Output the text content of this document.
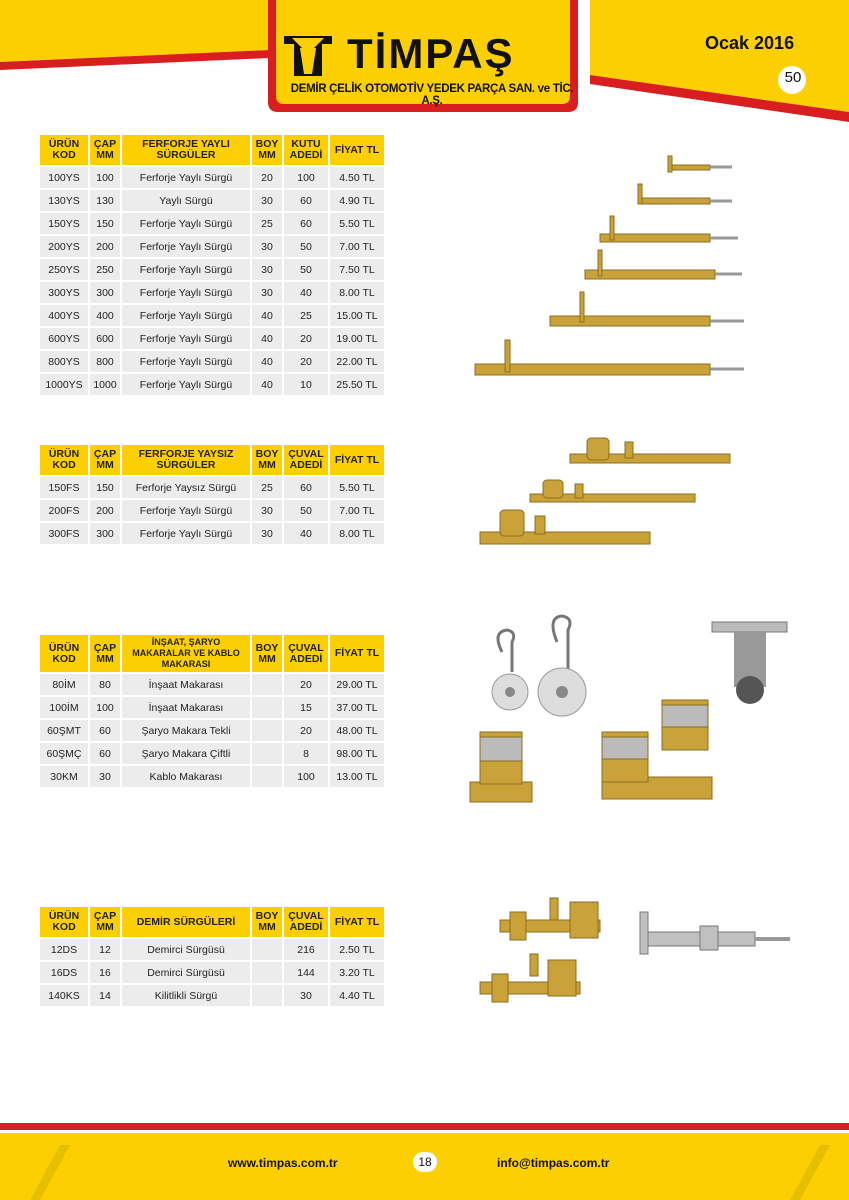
TİMPAŞ
DEMİR ÇELİK OTOMOTİV YEDEK PARÇA SAN. ve TİC. A.Ş.
Ocak 2016
50
ÜRÜN KOD	ÇAP MM	FERFORJE YAYLI SÜRGÜLER	BOY MM	KUTU ADEDİ	FİYAT TL
100YS	100	Ferforje Yaylı Sürgü	20	100	4.50 TL
130YS	130	Yaylı Sürgü	30	60	4.90 TL
150YS	150	Ferforje Yaylı Sürgü	25	60	5.50 TL
200YS	200	Ferforje Yaylı Sürgü	30	50	7.00 TL
250YS	250	Ferforje Yaylı Sürgü	30	50	7.50 TL
300YS	300	Ferforje Yaylı Sürgü	30	40	8.00 TL
400YS	400	Ferforje Yaylı Sürgü	40	25	15.00 TL
600YS	600	Ferforje Yaylı Sürgü	40	20	19.00 TL
800YS	800	Ferforje Yaylı Sürgü	40	20	22.00 TL
1000YS	1000	Ferforje Yaylı Sürgü	40	10	25.50 TL
ÜRÜN KOD	ÇAP MM	FERFORJE YAYSIZ SÜRGÜLER	BOY MM	ÇUVAL ADEDİ	FİYAT TL
150FS	150	Ferforje Yaysız Sürgü	25	60	5.50 TL
200FS	200	Ferforje Yaylı Sürgü	30	50	7.00 TL
300FS	300	Ferforje Yaylı Sürgü	30	40	8.00 TL
ÜRÜN KOD	ÇAP MM	İNŞAAT, ŞARYO MAKARALAR VE KABLO MAKARASI	BOY MM	ÇUVAL ADEDİ	FİYAT TL
80İM	80	İnşaat Makarası		20	29.00 TL
100İM	100	İnşaat Makarası		15	37.00 TL
60ŞMT	60	Şaryo Makara Tekli		20	48.00 TL
60ŞMÇ	60	Şaryo Makara Çiftli		8	98.00 TL
30KM	30	Kablo Makarası		100	13.00 TL
ÜRÜN KOD	ÇAP MM	DEMİR SÜRGÜLERİ	BOY MM	ÇUVAL ADEDİ	FİYAT TL
12DS	12	Demirci Sürgüsü		216	2.50 TL
16DS	16	Demirci Sürgüsü		144	3.20 TL
140KS	14	Kilitlikli Sürgü		30	4.40 TL
www.timpas.com.tr	18	info@timpas.com.tr
